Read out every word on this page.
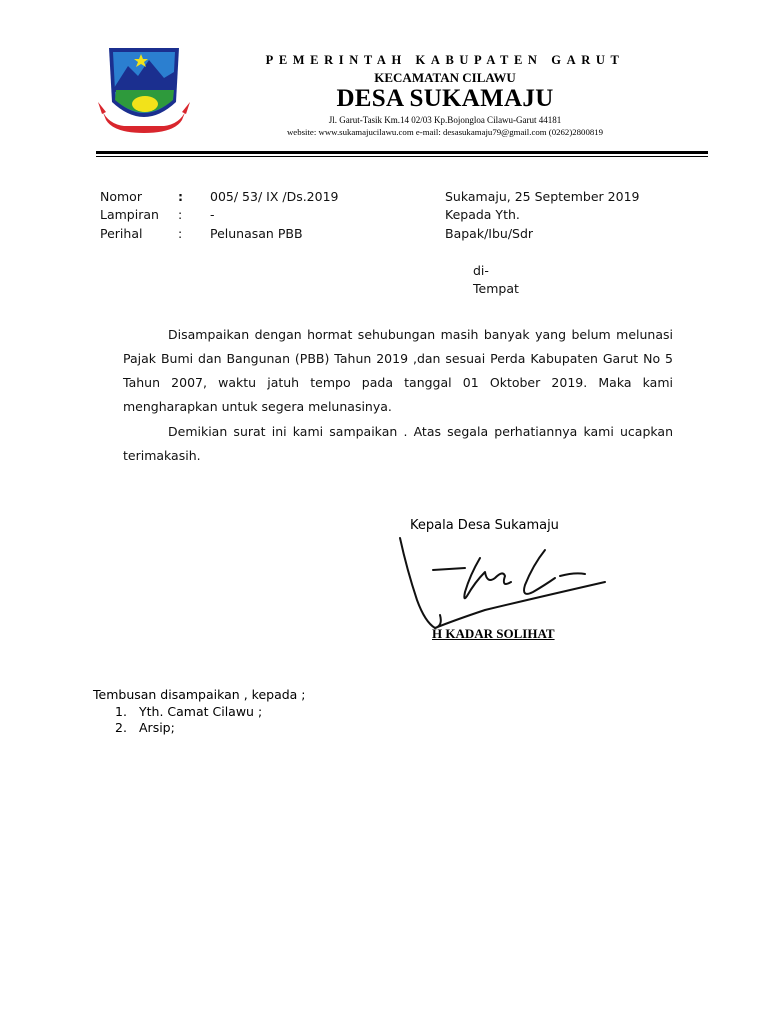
PEMERINTAH KABUPATEN GARUT
KECAMATAN CILAWU
DESA SUKAMAJU
Jl. Garut-Tasik Km.14 02/03 Kp.Bojongloa Cilawu-Garut 44181
website: www.sukamajucilawu.com e-mail: desasukamaju79@gmail.com (0262)2800819
Nomor	: 005/ 53/ IX /Ds.2019
Lampiran : -
Perihal	: Pelunasan PBB
Sukamaju, 25 September 2019
Kepada Yth.
Bapak/Ibu/Sdr
di-
Tempat
Disampaikan dengan hormat sehubungan masih banyak yang belum melunasi Pajak Bumi dan Bangunan (PBB) Tahun 2019 ,dan sesuai Perda Kabupaten Garut No 5 Tahun 2007, waktu jatuh tempo pada tanggal 01 Oktober 2019. Maka kami mengharapkan untuk segera melunasinya.
Demikian surat ini kami sampaikan . Atas segala perhatiannya kami ucapkan terimakasih.
Kepala Desa Sukamaju
H KADAR SOLIHAT
Tembusan disampaikan , kepada ;
1. Yth. Camat Cilawu ;
2. Arsip;
